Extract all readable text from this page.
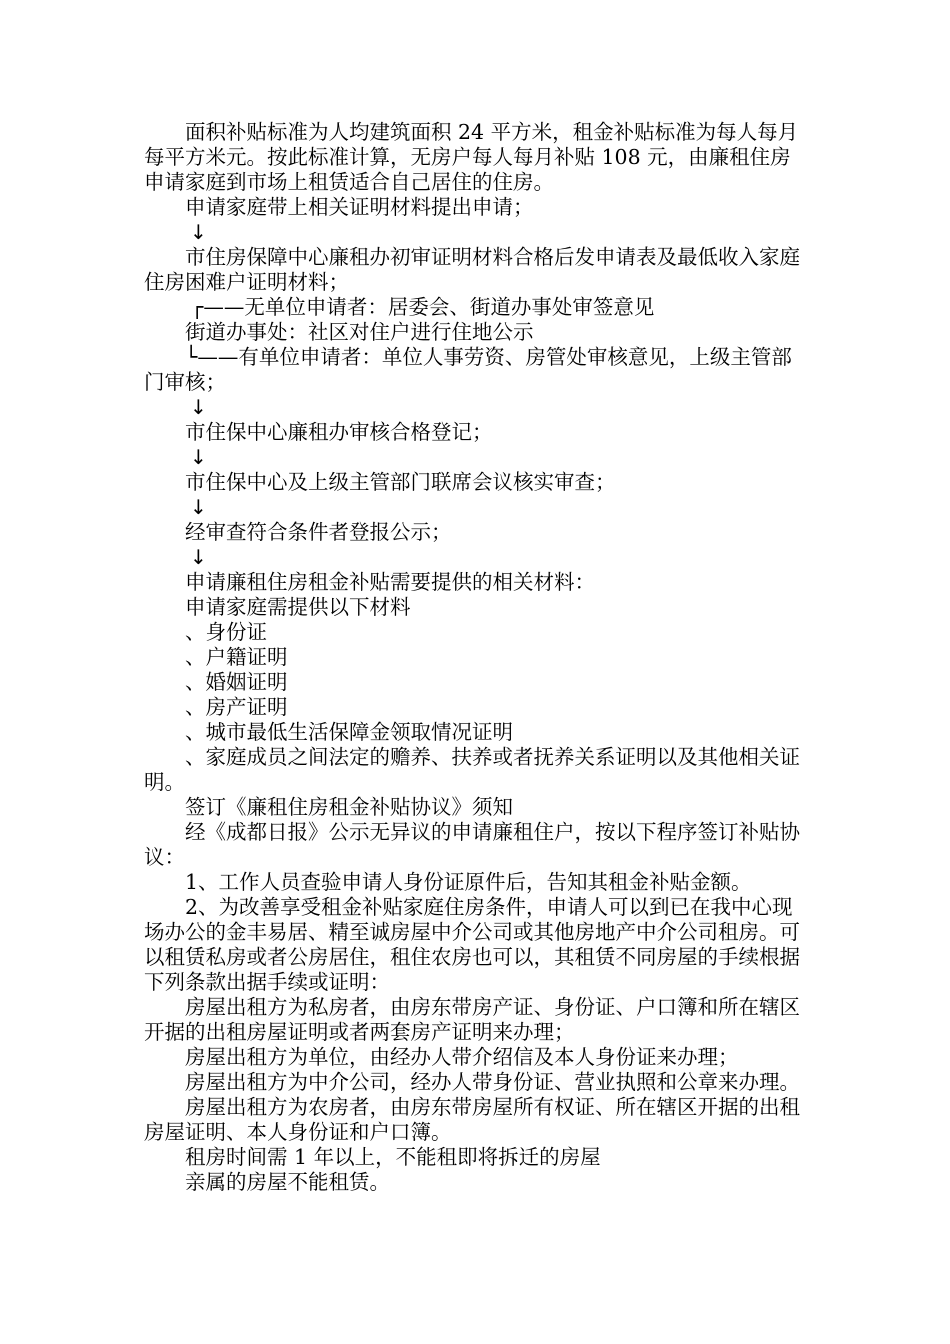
面积补贴标准为人均建筑面积 24 平方米，租金补贴标准为每人每月每平方米元。按此标准计算，无房户每人每月补贴 108 元，由廉租住房申请家庭到市场上租赁适合自己居住的住房。

申请家庭带上相关证明材料提出申请；

↓

市住房保障中心廉租办初审证明材料合格后发申请表及最低收入家庭住房困难户证明材料；

┌——无单位申请者：居委会、街道办事处审签意见

街道办事处：社区对住户进行住地公示

└——有单位申请者：单位人事劳资、房管处审核意见，上级主管部门审核；

↓

市住保中心廉租办审核合格登记；

↓

市住保中心及上级主管部门联席会议核实审查；

↓

经审查符合条件者登报公示；

↓

申请廉租住房租金补贴需要提供的相关材料：

申请家庭需提供以下材料

、身份证

、户籍证明

、婚姻证明

、房产证明

、城市最低生活保障金领取情况证明

、家庭成员之间法定的赡养、扶养或者抚养关系证明以及其他相关证明。

签订《廉租住房租金补贴协议》须知

经《成都日报》公示无异议的申请廉租住户，按以下程序签订补贴协议：

1、工作人员查验申请人身份证原件后，告知其租金补贴金额。

2、为改善享受租金补贴家庭住房条件，申请人可以到已在我中心现场办公的金丰易居、精至诚房屋中介公司或其他房地产中介公司租房。可以租赁私房或者公房居住，租住农房也可以，其租赁不同房屋的手续根据下列条款出据手续或证明：

房屋出租方为私房者，由房东带房产证、身份证、户口簿和所在辖区开据的出租房屋证明或者两套房产证明来办理；

房屋出租方为单位，由经办人带介绍信及本人身份证来办理；

房屋出租方为中介公司，经办人带身份证、营业执照和公章来办理。

房屋出租方为农房者，由房东带房屋所有权证、所在辖区开据的出租房屋证明、本人身份证和户口簿。

租房时间需 1 年以上，不能租即将拆迁的房屋

亲属的房屋不能租赁。
